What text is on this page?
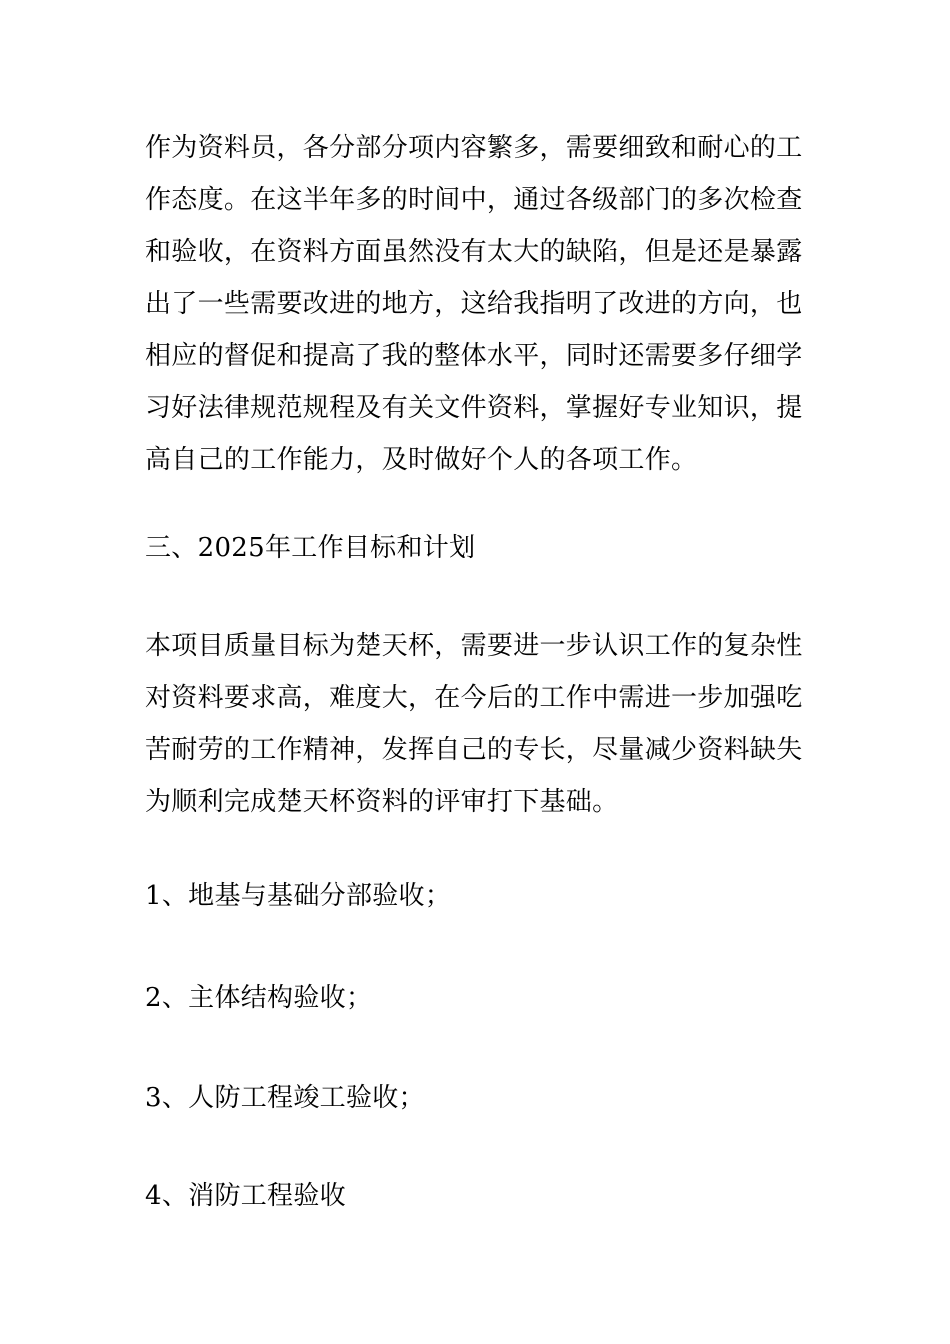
作为资料员，各分部分项内容繁多，需要细致和耐心的工
作态度。在这半年多的时间中，通过各级部门的多次检查
和验收，在资料方面虽然没有太大的缺陷，但是还是暴露
出了一些需要改进的地方，这给我指明了改进的方向，也
相应的督促和提高了我的整体水平，同时还需要多仔细学
习好法律规范规程及有关文件资料，掌握好专业知识，提
高自己的工作能力，及时做好个人的各项工作。
三、2025年工作目标和计划
本项目质量目标为楚天杯，需要进一步认识工作的复杂性
对资料要求高，难度大，在今后的工作中需进一步加强吃
苦耐劳的工作精神，发挥自己的专长，尽量减少资料缺失
为顺利完成楚天杯资料的评审打下基础。
1、地基与基础分部验收；
2、主体结构验收；
3、人防工程竣工验收；
4、消防工程验收
